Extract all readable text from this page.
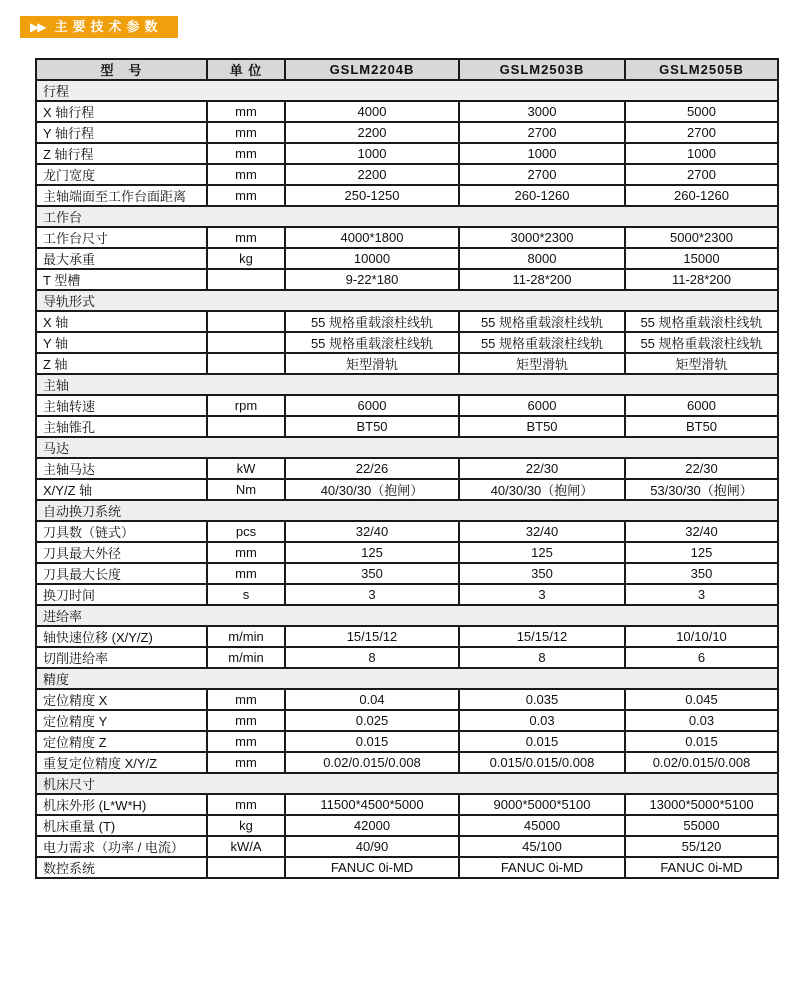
▶▶ 主要技术参数
型　号	单 位	GSLM2204B	GSLM2503B	GSLM2505B
行程				
X 轴行程	mm	4000	3000	5000
Y 轴行程	mm	2200	2700	2700
Z 轴行程	mm	1000	1000	1000
龙门宽度	mm	2200	2700	2700
主轴端面至工作台面距离	mm	250-1250	260-1260	260-1260
工作台				
工作台尺寸	mm	4000*1800	3000*2300	5000*2300
最大承重	kg	10000	8000	15000
T 型槽		9-22*180	11-28*200	11-28*200
导轨形式				
X 轴		55 规格重载滚柱线轨	55 规格重载滚柱线轨	55 规格重载滚柱线轨
Y 轴		55 规格重载滚柱线轨	55 规格重载滚柱线轨	55 规格重载滚柱线轨
Z 轴		矩型滑轨	矩型滑轨	矩型滑轨
主轴				
主轴转速	rpm	6000	6000	6000
主轴锥孔		BT50	BT50	BT50
马达				
主轴马达	kW	22/26	22/30	22/30
X/Y/Z 轴	Nm	40/30/30（抱闸）	40/30/30（抱闸）	53/30/30（抱闸）
自动换刀系统				
刀具数（链式）	pcs	32/40	32/40	32/40
刀具最大外径	mm	125	125	125
刀具最大长度	mm	350	350	350
换刀时间	s	3	3	3
进给率				
轴快速位移 (X/Y/Z)	m/min	15/15/12	15/15/12	10/10/10
切削进给率	m/min	8	8	6
精度				
定位精度 X	mm	0.04	0.035	0.045
定位精度 Y	mm	0.025	0.03	0.03
定位精度 Z	mm	0.015	0.015	0.015
重复定位精度 X/Y/Z	mm	0.02/0.015/0.008	0.015/0.015/0.008	0.02/0.015/0.008
机床尺寸				
机床外形 (L*W*H)	mm	11500*4500*5000	9000*5000*5100	13000*5000*5100
机床重量 (T)	kg	42000	45000	55000
电力需求（功率 / 电流）	kW/A	40/90	45/100	55/120
数控系统		FANUC 0i-MD	FANUC 0i-MD	FANUC 0i-MD
